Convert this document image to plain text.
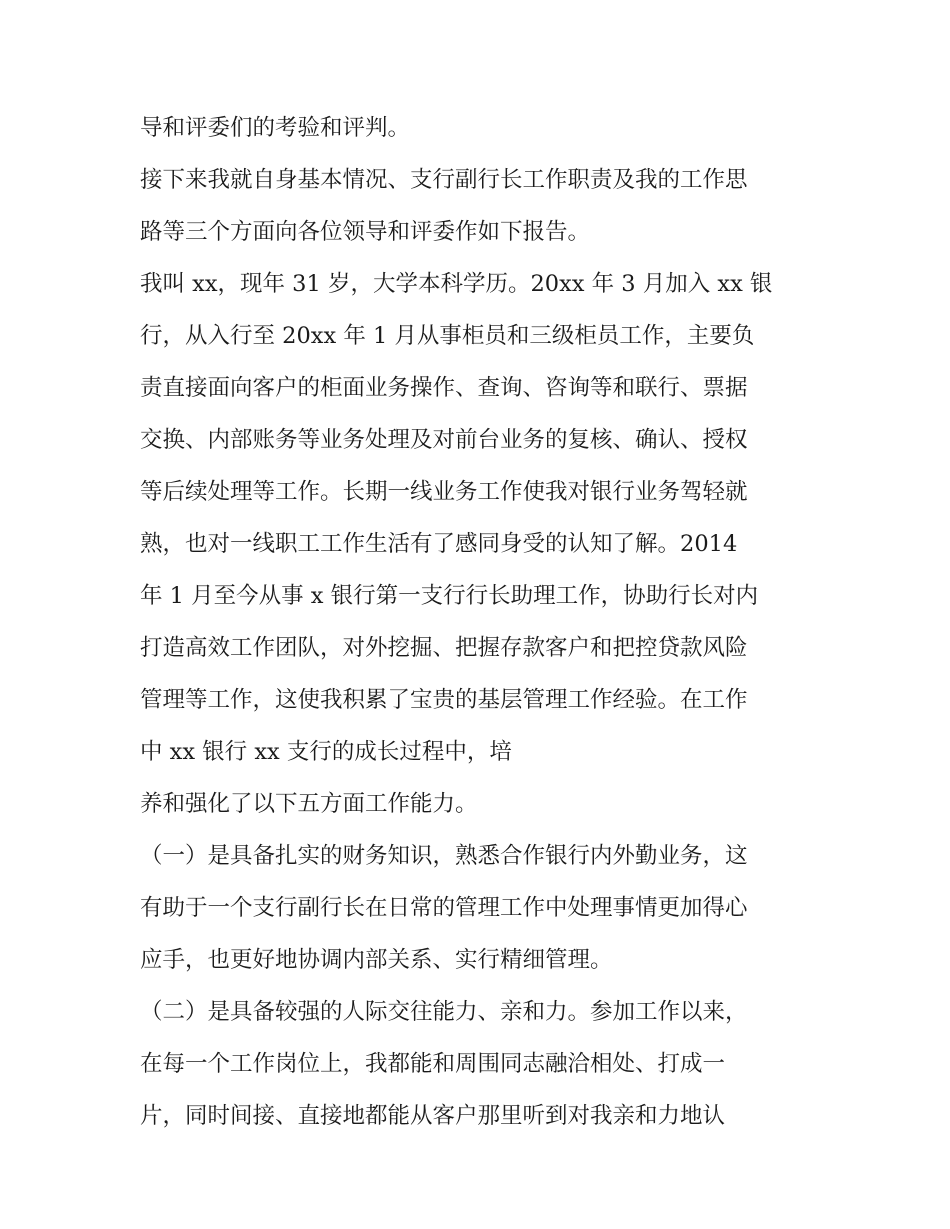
导和评委们的考验和评判。
接下来我就自身基本情况、支行副行长工作职责及我的工作思
路等三个方面向各位领导和评委作如下报告。
我叫 xx，现年 31 岁，大学本科学历。20xx 年 3 月加入 xx 银
行，从入行至 20xx 年 1 月从事柜员和三级柜员工作，主要负
责直接面向客户的柜面业务操作、查询、咨询等和联行、票据
交换、内部账务等业务处理及对前台业务的复核、确认、授权
等后续处理等工作。长期一线业务工作使我对银行业务驾轻就
熟，也对一线职工工作生活有了感同身受的认知了解。2014
年 1 月至今从事 x 银行第一支行行长助理工作，协助行长对内
打造高效工作团队，对外挖掘、把握存款客户和把控贷款风险
管理等工作，这使我积累了宝贵的基层管理工作经验。在工作
中 xx 银行 xx 支行的成长过程中，培
养和强化了以下五方面工作能力。
（一）是具备扎实的财务知识，熟悉合作银行内外勤业务，这
有助于一个支行副行长在日常的管理工作中处理事情更加得心
应手，也更好地协调内部关系、实行精细管理。
（二）是具备较强的人际交往能力、亲和力。参加工作以来，
在每一个工作岗位上，我都能和周围同志融洽相处、打成一
片，同时间接、直接地都能从客户那里听到对我亲和力地认
